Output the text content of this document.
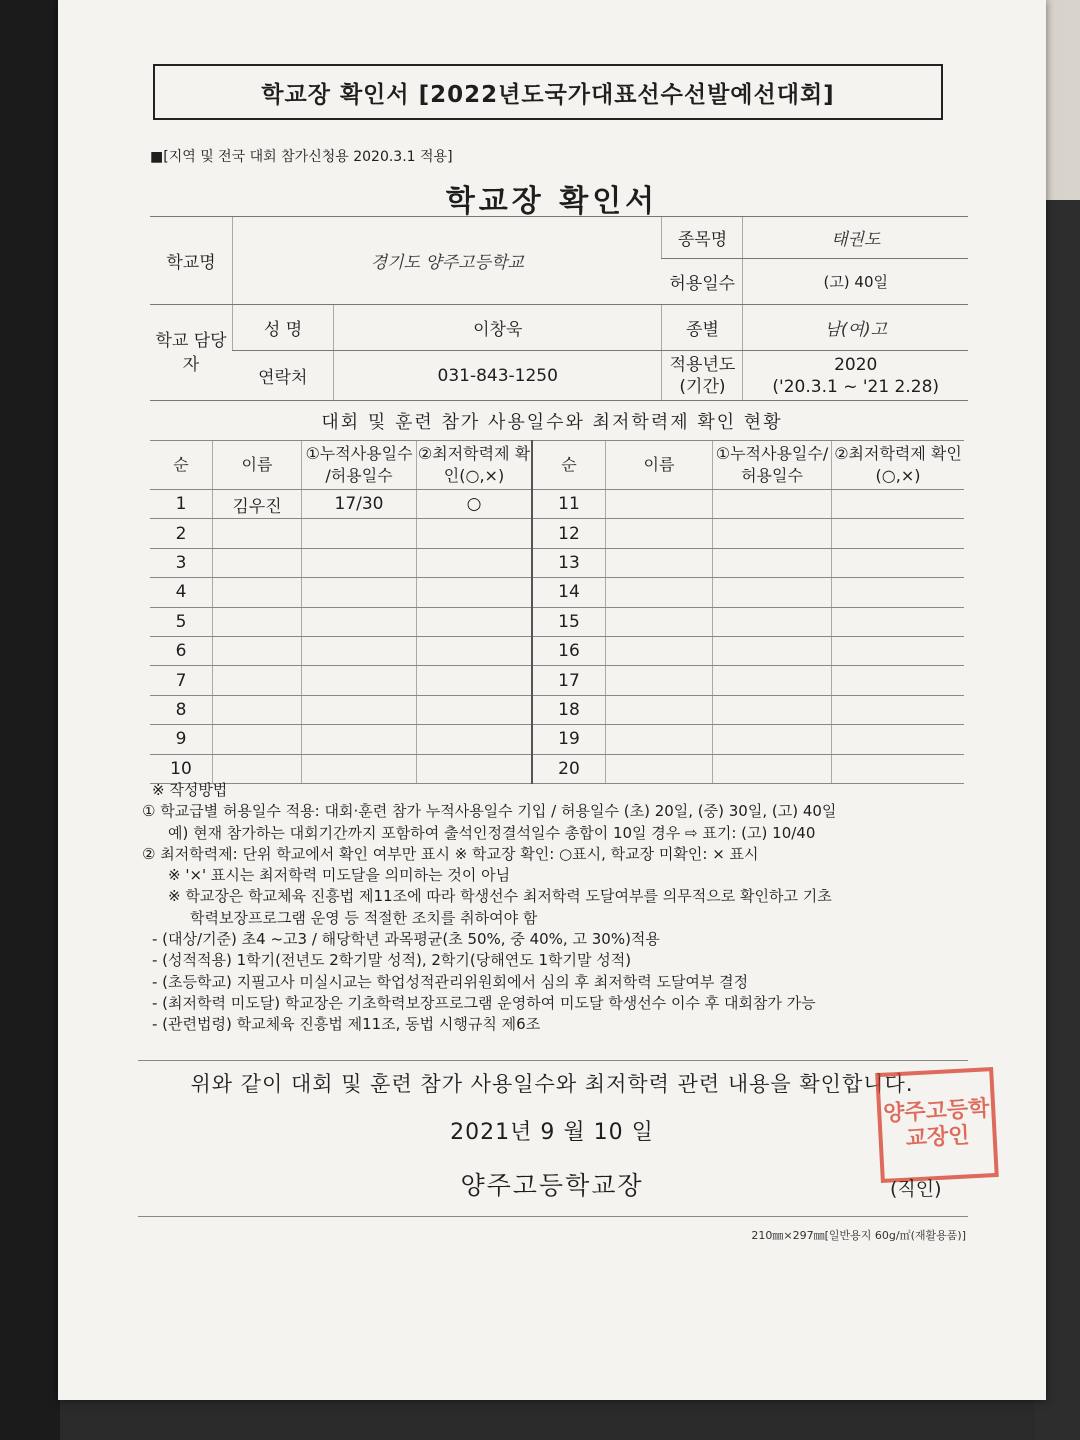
학교장 확인서 [2022년도국가대표선수선발예선대회]
■[지역 및 전국 대회 참가신청용 2020.3.1 적용]
학교장 확인서
학교명	경기도 양주고등학교		종목명	태권도
			허용일수	(고) 40일
학교 담당자	성 명	이창욱	종별	남(여)고
	연락처	031-843-1250	적용년도 (기간)	2020
('20.3.1 ~ '21 2.28)
대회 및 훈련 참가 사용일수와 최저학력제 확인 현황
순	이름	①누적사용일수 /허용일수	②최저학력제 확인(○,×)	순	이름	①누적사용일수/ 허용일수	②최저학력제 확인(○,×)
1	김우진	17/30	○	11			
2				12			
3				13			
4				14			
5				15			
6				16			
7				17			
8				18			
9				19			
10				20			
※ 작성방법
① 학교급별 허용일수 적용: 대회·훈련 참가 누적사용일수 기입 / 허용일수 (초) 20일, (중) 30일, (고) 40일
예) 현재 참가하는 대회기간까지 포함하여 출석인정결석일수 총합이 10일 경우 ⇨ 표기: (고) 10/40
② 최저학력제: 단위 학교에서 확인 여부만 표시 ※ 학교장 확인: ○표시, 학교장 미확인: × 표시
※ '×' 표시는 최저학력 미도달을 의미하는 것이 아님
※ 학교장은 학교체육 진흥법 제11조에 따라 학생선수 최저학력 도달여부를 의무적으로 확인하고 기초
학력보장프로그램 운영 등 적절한 조치를 취하여야 함
- (대상/기준) 초4 ~고3 / 해당학년 과목평균(초 50%, 중 40%, 고 30%)적용
- (성적적용) 1학기(전년도 2학기말 성적), 2학기(당해연도 1학기말 성적)
- (초등학교) 지필고사 미실시교는 학업성적관리위원회에서 심의 후 최저학력 도달여부 결정
- (최저학력 미도달) 학교장은 기초학력보장프로그램 운영하여 미도달 학생선수 이수 후 대회참가 가능
- (관련법령) 학교체육 진흥법 제11조, 동법 시행규칙 제6조
위와 같이 대회 및 훈련 참가 사용일수와 최저학력 관련 내용을 확인합니다.
2021년 9 월 10 일
양주고등학교장
양주고등학교장인
(직인)
210㎜×297㎜[일반용지 60g/㎡(재활용품)]
